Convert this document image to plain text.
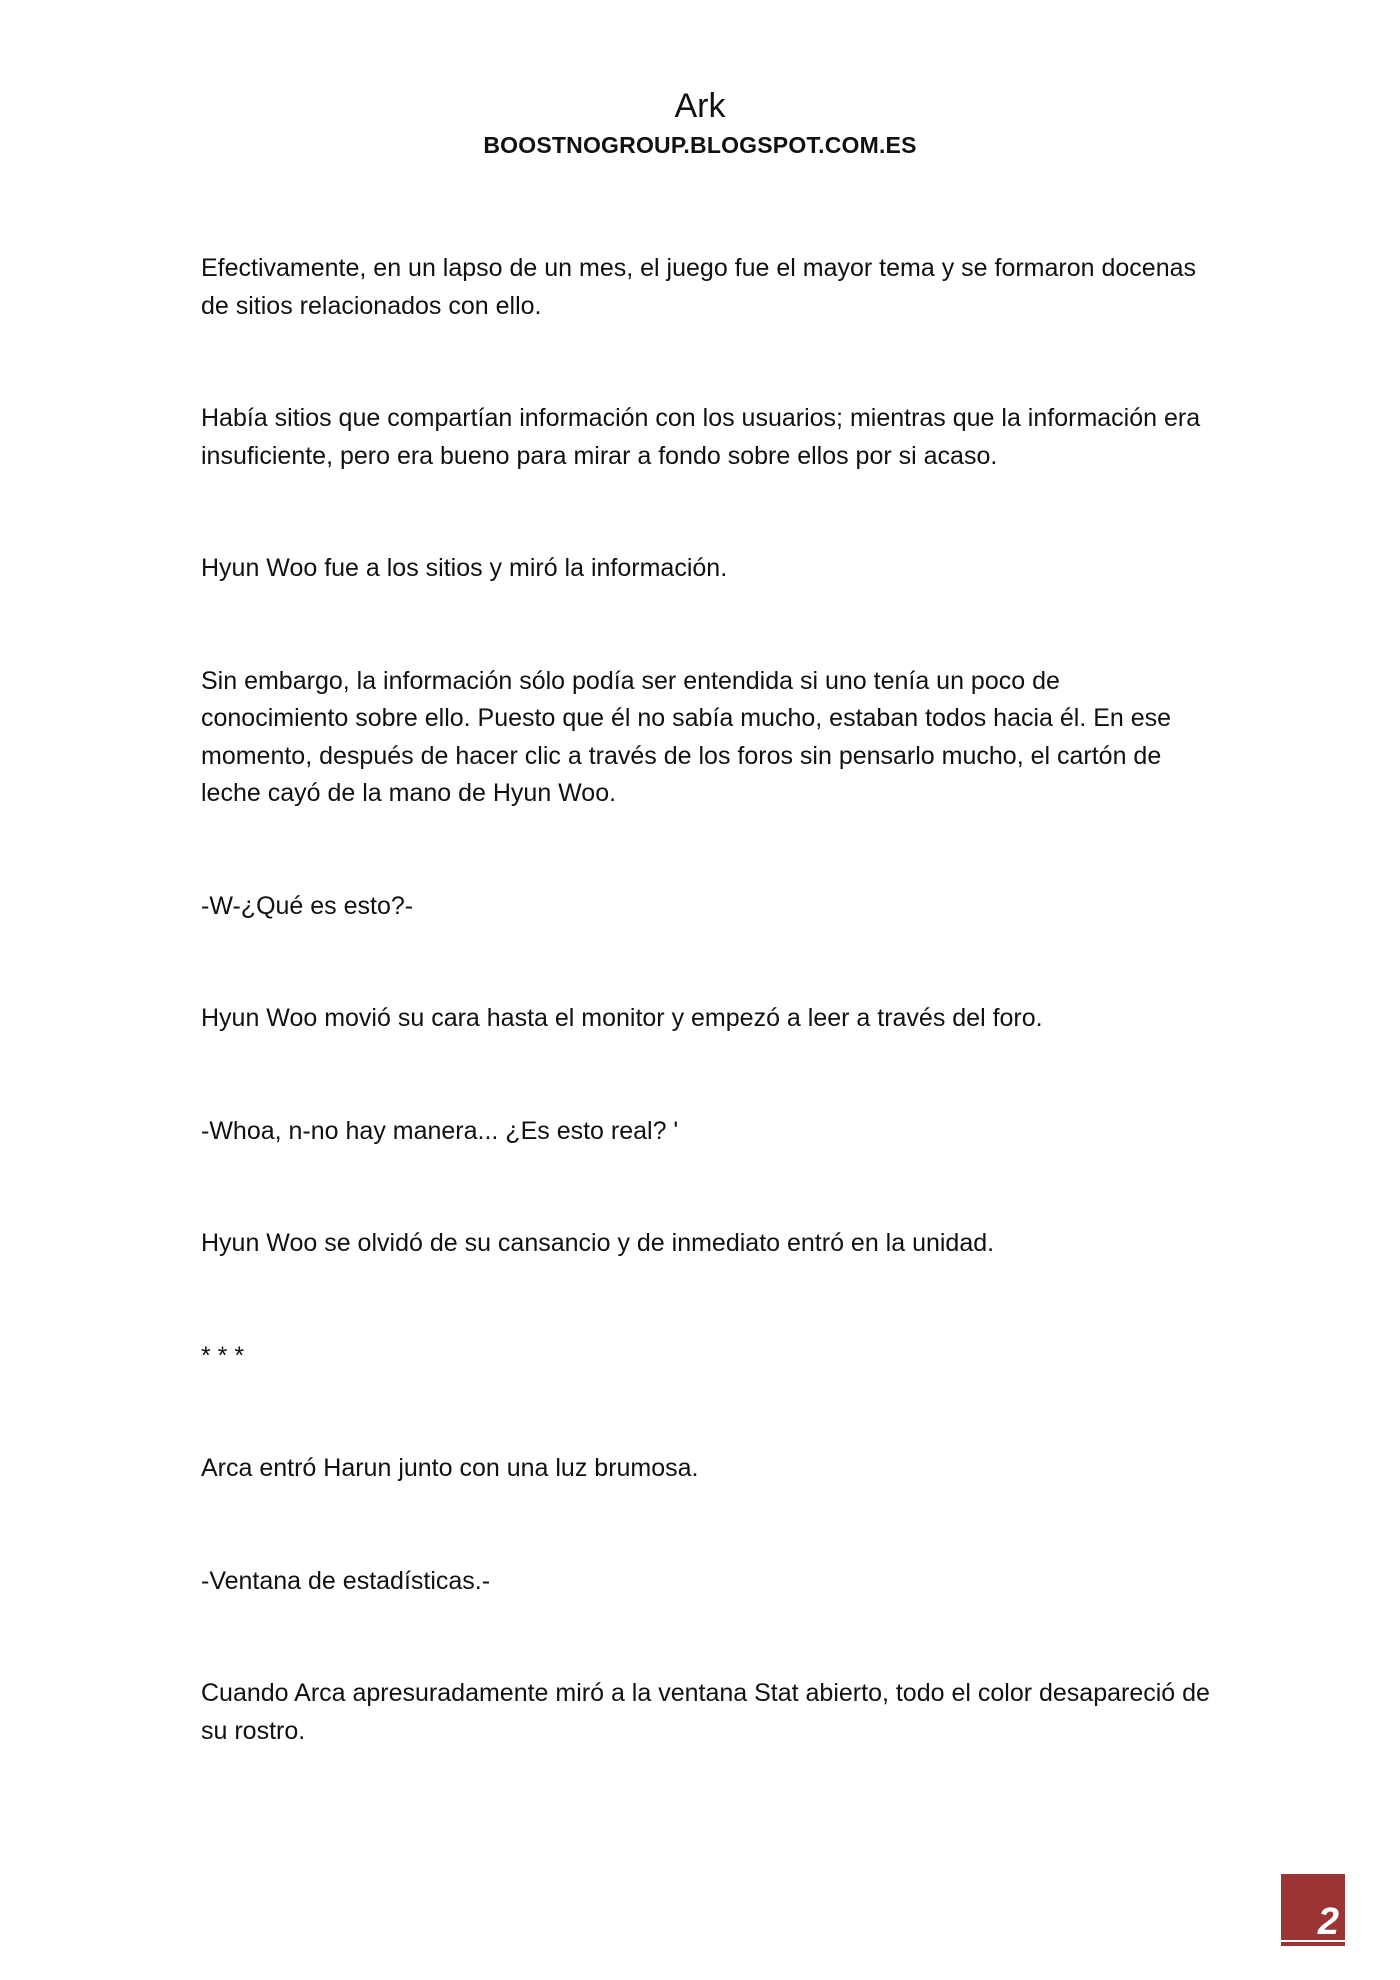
Ark
BOOSTNOGROUP.BLOGSPOT.COM.ES

Efectivamente, en un lapso de un mes, el juego fue el mayor tema y se formaron docenas de sitios relacionados con ello.

Había sitios que compartían información con los usuarios; mientras que la información era insuficiente, pero era bueno para mirar a fondo sobre ellos por si acaso.

Hyun Woo fue a los sitios y miró la información.

Sin embargo, la información sólo podía ser entendida si uno tenía un poco de conocimiento sobre ello. Puesto que él no sabía mucho, estaban todos hacia él. En ese momento, después de hacer clic a través de los foros sin pensarlo mucho, el cartón de leche cayó de la mano de Hyun Woo.

-W-¿Qué es esto?-

Hyun Woo movió su cara hasta el monitor y empezó a leer a través del foro.

-Whoa, n-no hay manera... ¿Es esto real? '

Hyun Woo se olvidó de su cansancio y de inmediato entró en la unidad.

* * *

Arca entró Harun junto con una luz brumosa.

-Ventana de estadísticas.-

Cuando Arca apresuradamente miró a la ventana Stat abierto, todo el color desapareció de su rostro.

2
